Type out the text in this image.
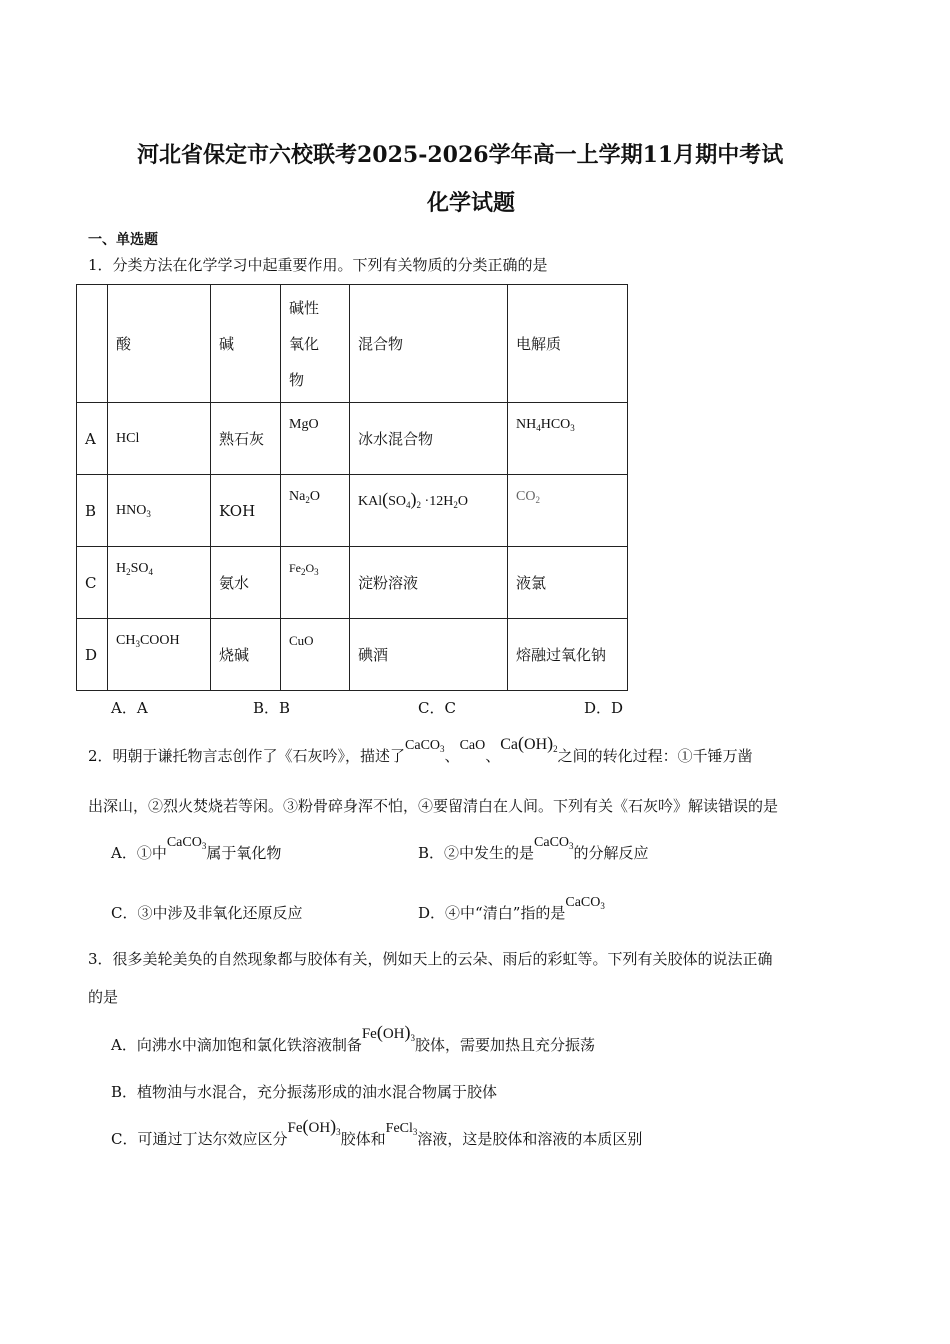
河北省保定市六校联考2025-2026学年高一上学期11月期中考试
化学试题
一、单选题
1．分类方法在化学学习中起重要作用。下列有关物质的分类正确的是
	酸	碱	碱性
氧化
物	混合物	电解质
A	HCl	熟石灰	MgO	冰水混合物	$NH_4HCO_3$
B	$HNO_3$	KOH	$Na_2O$	$KAl(SO_4)_2 \cdot 12H_2O$	$CO_2$
C	$H_2SO_4$	氨水	$Fe_2O_3$	淀粉溶液	液氯
D	$CH_3COOH$	烧碱	CuO	碘酒	熔融过氧化钠
A．A	B．B	C．C	D．D
2．明朝于谦托物言志创作了《石灰吟》，描述了CaCO$_3$、CaO、$Ca(OH)_2$之间的转化过程：①千锤万凿
出深山，②烈火焚烧若等闲。③粉骨碎身浑不怕，④要留清白在人间。下列有关《石灰吟》解读错误的是
A．①中CaCO$_3$属于氧化物	B．②中发生的是CaCO$_3$的分解反应
C．③中涉及非氧化还原反应	D．④中“清白”指的是CaCO$_3$
3．很多美轮美奂的自然现象都与胶体有关，例如天上的云朵、雨后的彩虹等。下列有关胶体的说法正确
的是
A．向沸水中滴加饱和氯化铁溶液制备$Fe(OH)_3$胶体，需要加热且充分振荡
B．植物油与水混合，充分振荡形成的油水混合物属于胶体
C．可通过丁达尔效应区分$Fe(OH)_3$胶体和FeCl$_3$溶液，这是胶体和溶液的本质区别
